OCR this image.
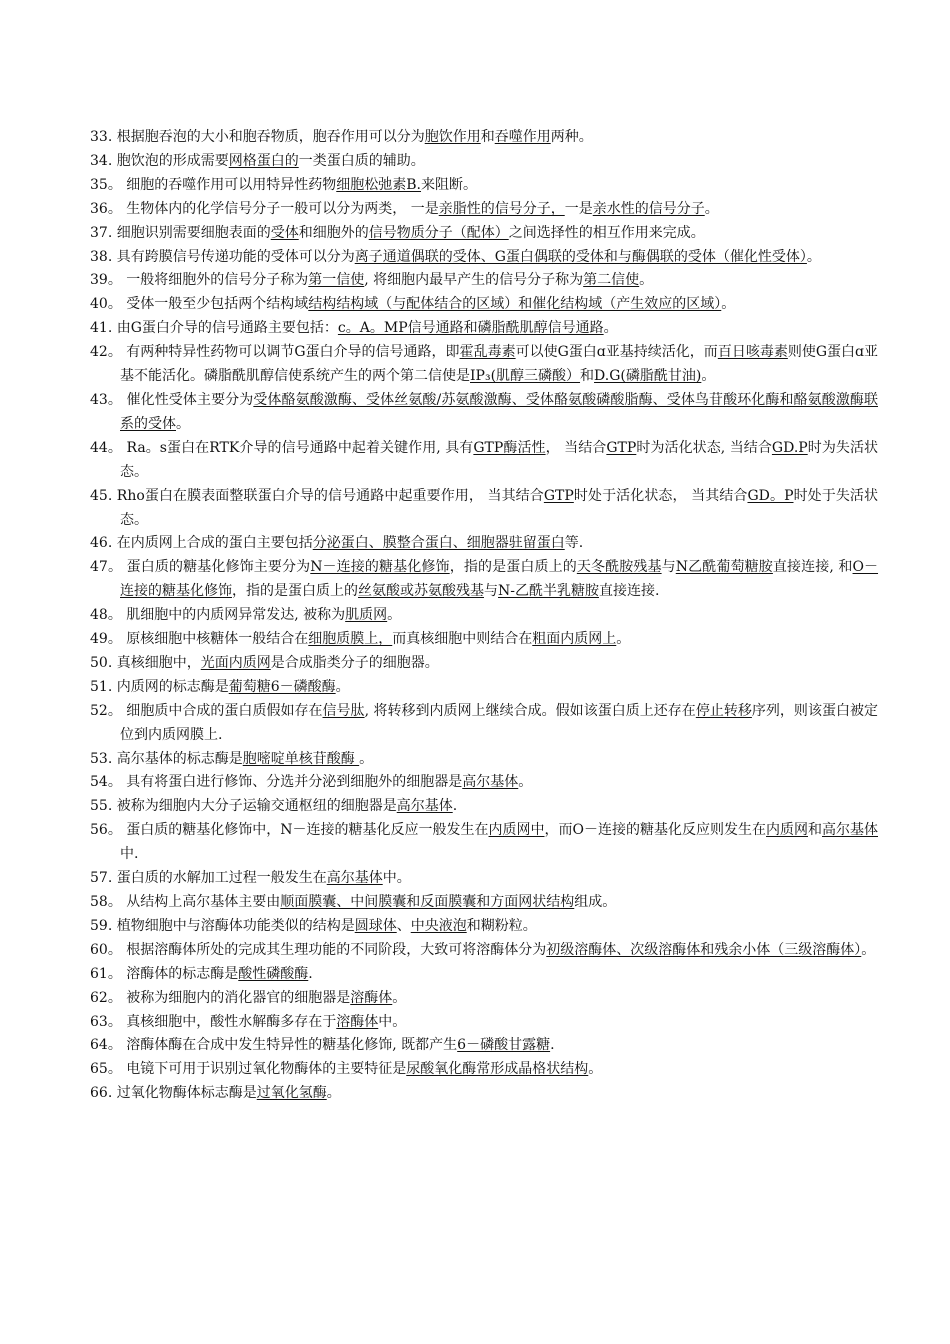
33. 根据胞吞泡的大小和胞吞物质，胞吞作用可以分为胞饮作用和吞噬作用两种。
34. 胞饮泡的形成需要网格蛋白的一类蛋白质的辅助。
35。 细胞的吞噬作用可以用特异性药物细胞松弛素B.来阻断。
36。 生物体内的化学信号分子一般可以分为两类， 一是亲脂性的信号分子，一是亲水性的信号分子。
37. 细胞识别需要细胞表面的受体和细胞外的信号物质分子（配体）之间选择性的相互作用来完成。
38. 具有跨膜信号传递功能的受体可以分为离子通道偶联的受体、G蛋白偶联的受体和与酶偶联的受体（催化性受体）。
39。 一般将细胞外的信号分子称为第一信使, 将细胞内最早产生的信号分子称为第二信使。
40。 受体一般至少包括两个结构域结构结构域（与配体结合的区域）和催化结构域（产生效应的区域）。
41. 由G蛋白介导的信号通路主要包括：c。A。MP信号通路和磷脂酰肌醇信号通路。
42。 有两种特异性药物可以调节G蛋白介导的信号通路，即霍乱毒素可以使G蛋白ɑ亚基持续活化，而百日咳毒素则使G蛋白ɑ亚基不能活化。磷脂酰肌醇信使系统产生的两个第二信使是IP₃(肌醇三磷酸）和D.G(磷脂酰甘油)。
43。 催化性受体主要分为受体酪氨酸激酶、受体丝氨酸/苏氨酸激酶、受体酪氨酸磷酸脂酶、受体鸟苷酸环化酶和酪氨酸激酶联系的受体。
44。 Ra。s蛋白在RTK介导的信号通路中起着关键作用, 具有GTP酶活性， 当结合GTP时为活化状态, 当结合GD.P时为失活状态。
45. Rho蛋白在膜表面整联蛋白介导的信号通路中起重要作用， 当其结合GTP时处于活化状态， 当其结合GD。P时处于失活状态。
46. 在内质网上合成的蛋白主要包括分泌蛋白、膜整合蛋白、细胞器驻留蛋白等.
47。 蛋白质的糖基化修饰主要分为N－连接的糖基化修饰，指的是蛋白质上的天冬酰胺残基与N乙酰葡萄糖胺直接连接, 和O－连接的糖基化修饰，指的是蛋白质上的丝氨酸或苏氨酸残基与N-乙酰半乳糖胺直接连接.
48。 肌细胞中的内质网异常发达, 被称为肌质网。
49。 原核细胞中核糖体一般结合在细胞质膜上，而真核细胞中则结合在粗面内质网上。
50. 真核细胞中，光面内质网是合成脂类分子的细胞器。
51. 内质网的标志酶是葡萄糖6－磷酸酶。
52。 细胞质中合成的蛋白质假如存在信号肽, 将转移到内质网上继续合成。假如该蛋白质上还存在停止转移序列，则该蛋白被定位到内质网膜上.
53. 高尔基体的标志酶是胞嘧啶单核苷酸酶 。
54。 具有将蛋白进行修饰、分选并分泌到细胞外的细胞器是高尔基体。
55. 被称为细胞内大分子运输交通枢纽的细胞器是高尔基体.
56。 蛋白质的糖基化修饰中，N－连接的糖基化反应一般发生在内质网中，而O－连接的糖基化反应则发生在内质网和高尔基体中.
57. 蛋白质的水解加工过程一般发生在高尔基体中。
58。 从结构上高尔基体主要由顺面膜囊、中间膜囊和反面膜囊和方面网状结构组成。
59. 植物细胞中与溶酶体功能类似的结构是圆球体、中央液泡和糊粉粒。
60。 根据溶酶体所处的完成其生理功能的不同阶段，大致可将溶酶体分为初级溶酶体、次级溶酶体和残余小体（三级溶酶体）。
61。 溶酶体的标志酶是酸性磷酸酶.
62。 被称为细胞内的消化器官的细胞器是溶酶体。
63。 真核细胞中，酸性水解酶多存在于溶酶体中。
64。 溶酶体酶在合成中发生特异性的糖基化修饰, 既都产生6－磷酸甘露糖.
65。 电镜下可用于识别过氧化物酶体的主要特征是尿酸氧化酶常形成晶格状结构。
66. 过氧化物酶体标志酶是过氧化氢酶。
